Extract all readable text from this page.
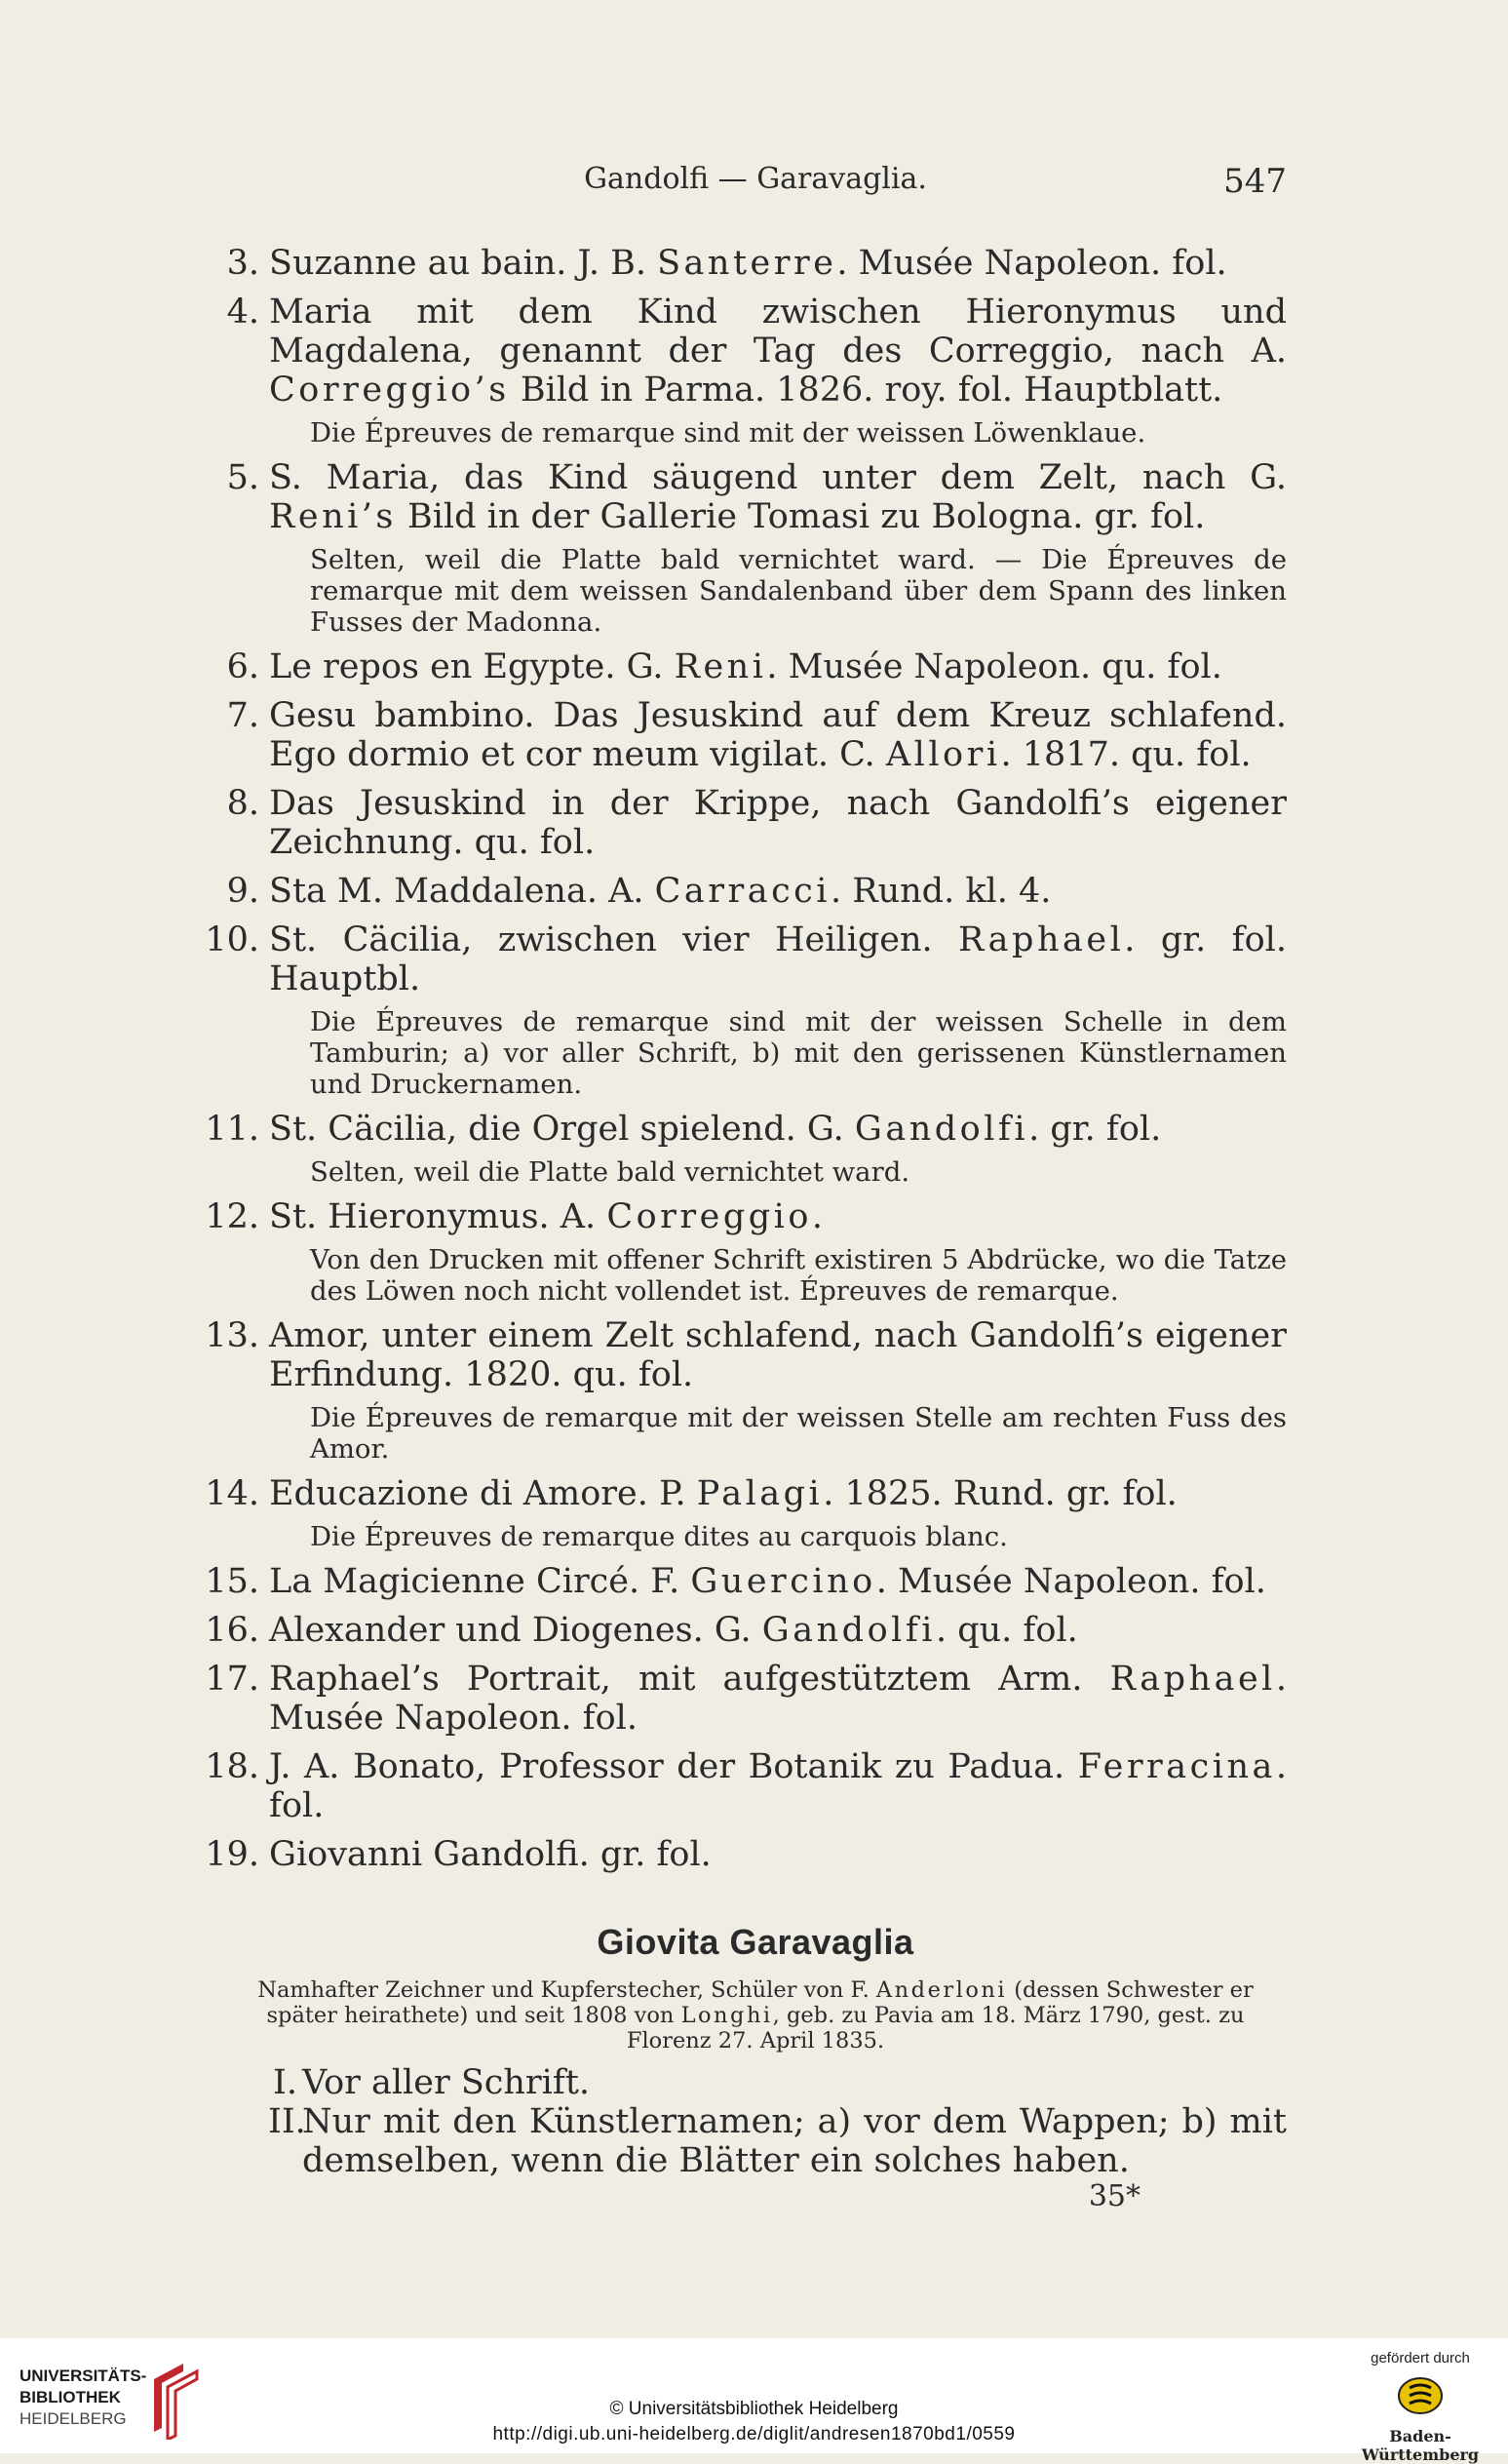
Gandolfi — Garavaglia.	547
3. Suzanne au bain. J. B. Santerre. Musée Napoleon. fol.
4. Maria mit dem Kind zwischen Hieronymus und Magdalena, genannt der Tag des Correggio, nach A. Correggio’s Bild in Parma. 1826. roy. fol. Hauptblatt.
Die Épreuves de remarque sind mit der weissen Löwenklaue.
5. S. Maria, das Kind säugend unter dem Zelt, nach G. Reni’s Bild in der Gallerie Tomasi zu Bologna. gr. fol.
Selten, weil die Platte bald vernichtet ward. — Die Épreuves de remarque mit dem weissen Sandalenband über dem Spann des linken Fusses der Madonna.
6. Le repos en Egypte. G. Reni. Musée Napoleon. qu. fol.
7. Gesu bambino. Das Jesuskind auf dem Kreuz schlafend. Ego dormio et cor meum vigilat. C. Allori. 1817. qu. fol.
8. Das Jesuskind in der Krippe, nach Gandolfi’s eigener Zeichnung. qu. fol.
9. Sta M. Maddalena. A. Carracci. Rund. kl. 4.
10. St. Cäcilia, zwischen vier Heiligen. Raphael. gr. fol. Hauptbl.
Die Épreuves de remarque sind mit der weissen Schelle in dem Tamburin; a) vor aller Schrift, b) mit den gerissenen Künstlernamen und Druckernamen.
11. St. Cäcilia, die Orgel spielend. G. Gandolfi. gr. fol.
Selten, weil die Platte bald vernichtet ward.
12. St. Hieronymus. A. Correggio.
Von den Drucken mit offener Schrift existiren 5 Abdrücke, wo die Tatze des Löwen noch nicht vollendet ist. Épreuves de remarque.
13. Amor, unter einem Zelt schlafend, nach Gandolfi’s eigener Erfindung. 1820. qu. fol.
Die Épreuves de remarque mit der weissen Stelle am rechten Fuss des Amor.
14. Educazione di Amore. P. Palagi. 1825. Rund. gr. fol.
Die Épreuves de remarque dites au carquois blanc.
15. La Magicienne Circé. F. Guercino. Musée Napoleon. fol.
16. Alexander und Diogenes. G. Gandolfi. qu. fol.
17. Raphael’s Portrait, mit aufgestütztem Arm. Raphael. Musée Napoleon. fol.
18. J. A. Bonato, Professor der Botanik zu Padua. Ferracina. fol.
19. Giovanni Gandolfi. gr. fol.
Giovita Garavaglia
Namhafter Zeichner und Kupferstecher, Schüler von F. Anderloni (dessen Schwester er später heirathete) und seit 1808 von Longhi, geb. zu Pavia am 18. März 1790, gest. zu Florenz 27. April 1835.
I. Vor aller Schrift.
II.
Nur mit den Künstlernamen; a) vor dem Wappen; b) mit demselben, wenn die Blätter ein solches haben.
35*
UNIVERSITÄTS-
BIBLIOTHEK
HEIDELBERG	© Universitätsbibliothek Heidelberg
http://digi.ub.uni-heidelberg.de/diglit/andresen1870bd1/0559
gefördert durch
Baden-Württemberg
